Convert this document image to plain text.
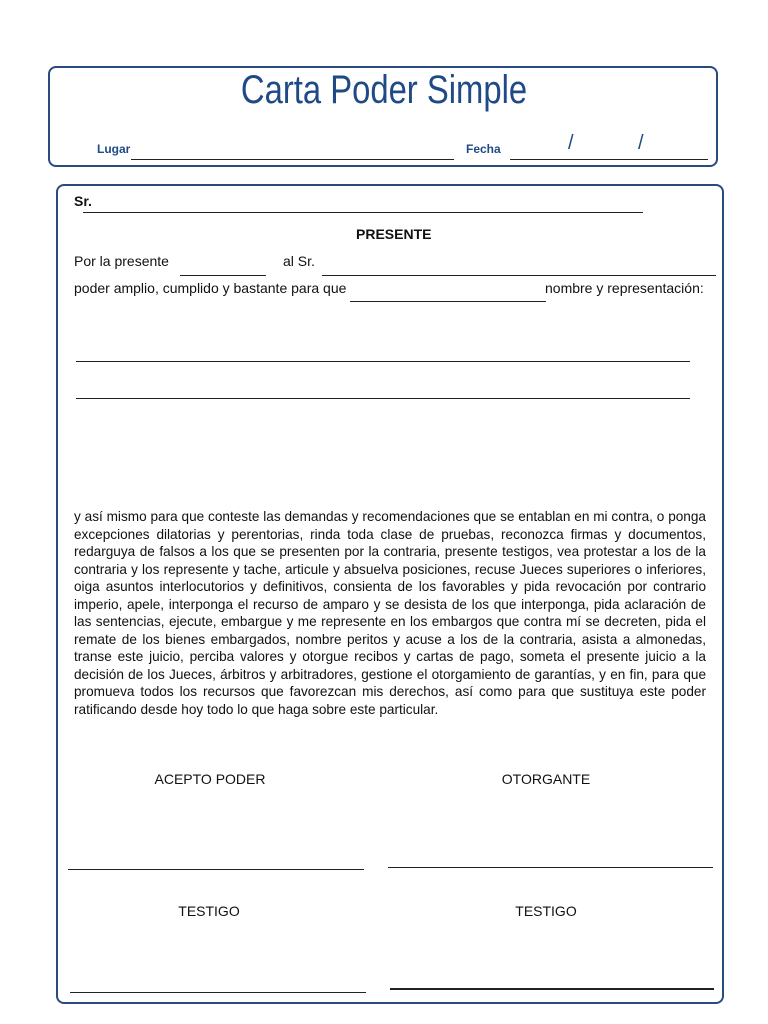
Carta Poder Simple
Lugar	Fecha	/	/
Sr.
PRESENTE
Por la presente	al Sr.
poder amplio, cumplido y bastante para que	nombre y representación:
y así mismo para que conteste las demandas y recomendaciones que se entablan en mi contra, o ponga excepciones dilatorias y perentorias, rinda toda clase de pruebas, reconozca firmas y documentos, redarguya de falsos a los que se presenten por la contraria, presente testigos, vea protestar a los de la contraria y los represente y tache, articule y absuelva posiciones, recuse Jueces superiores o inferiores, oiga asuntos interlocutorios y definitivos, consienta de los favorables y pida revocación por contrario imperio, apele, interponga el recurso de amparo y se desista de los que interponga, pida aclaración de las sentencias, ejecute, embargue y me represente en los embargos que contra mí se decreten, pida el remate de los bienes embargados, nombre peritos y acuse a los de la contraria, asista a almonedas, transe este juicio, perciba valores y otorgue recibos y cartas de pago, someta el presente juicio a la decisión de los Jueces, árbitros y arbitradores, gestione el otorgamiento de garantías, y en fin, para que promueva todos los recursos que favorezcan mis derechos, así como para que sustituya este poder ratificando desde hoy todo lo que haga sobre este particular.
ACEPTO PODER	OTORGANTE
TESTIGO	TESTIGO
